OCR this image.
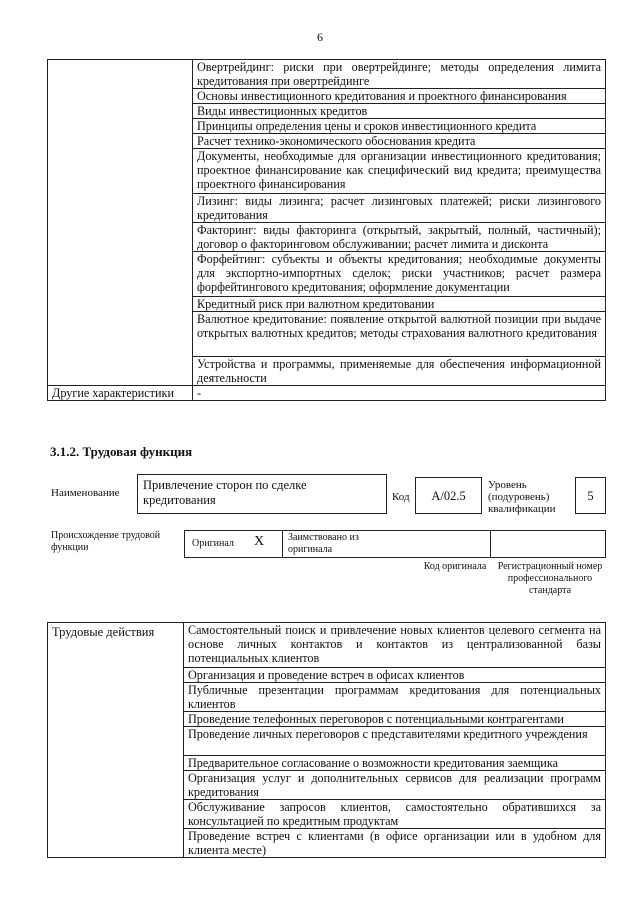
6
	Овертрейдинг: риски при овертрейдинге; методы определения лимита кредитования при овертрейдинге
	Основы инвестиционного кредитования и проектного финансирования
	Виды инвестиционных кредитов
	Принципы определения цены и сроков инвестиционного кредита
	Расчет технико-экономического обоснования кредита
	Документы, необходимые для организации инвестиционного кредитования; проектное финансирование как специфический вид кредита; преимущества проектного финансирования
	Лизинг: виды лизинга; расчет лизинговых платежей; риски лизингового кредитования
	Факторинг: виды факторинга (открытый, закрытый, полный, частичный); договор о факторинговом обслуживании; расчет лимита и дисконта
	Форфейтинг: субъекты и объекты кредитования; необходимые документы для экспортно-импортных сделок; риски участников; расчет размера форфейтингового кредитования; оформление документации
	Кредитный риск при валютном кредитовании
	Валютное кредитование: появление открытой валютной позиции при выдаче открытых валютных кредитов; методы страхования валютного кредитования
	Устройства и программы, применяемые для обеспечения информационной деятельности
Другие характеристики	-
3.1.2. Трудовая функция
Наименование
Привлечение сторон по сделке кредитования	Код	А/02.5
Уровень (подуровень) квалификации
5
Происхождение трудовой функции	Оригинал X Заимствовано из оригинала
Код оригинала	Регистрационный номер профессионального стандарта
Трудовые действия	Самостоятельный поиск и привлечение новых клиентов целевого сегмента на основе личных контактов и контактов из централизованной базы потенциальных клиентов
Организация и проведение встреч в офисах клиентов
Публичные презентации программам кредитования для потенциальных клиентов
Проведение телефонных переговоров с потенциальными контрагентами
Проведение личных переговоров с представителями кредитного учреждения
Предварительное согласование о возможности кредитования заемщика
Организация услуг и дополнительных сервисов для реализации программ кредитования
Обслуживание запросов клиентов, самостоятельно обратившихся за консультацией по кредитным продуктам
Проведение встреч с клиентами (в офисе организации или в удобном для клиента месте)
